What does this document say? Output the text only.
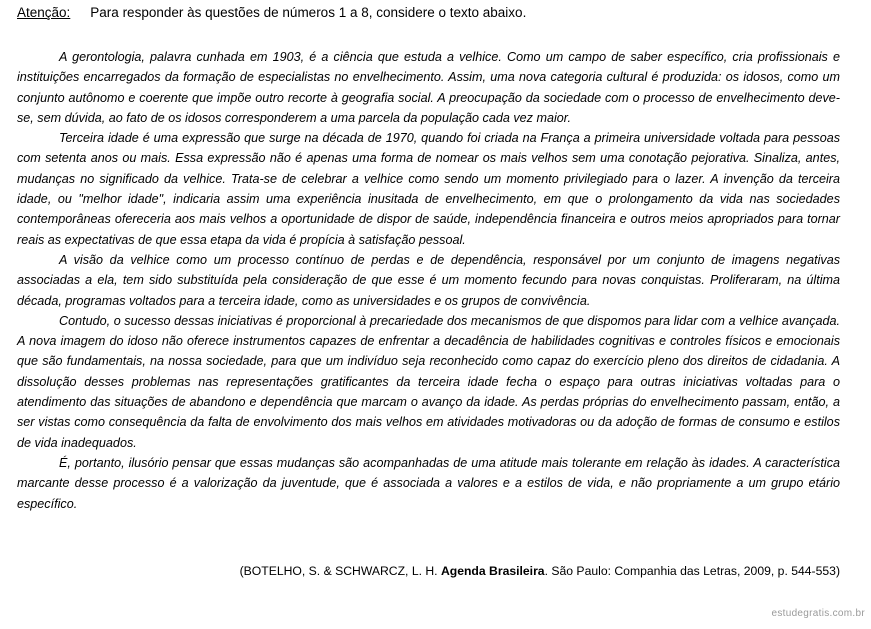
Atenção: Para responder às questões de números 1 a 8, considere o texto abaixo.

A gerontologia, palavra cunhada em 1903, é a ciência que estuda a velhice. Como um campo de saber específico, cria profissionais e instituições encarregados da formação de especialistas no envelhecimento. Assim, uma nova categoria cultural é produzida: os idosos, como um conjunto autônomo e coerente que impõe outro recorte à geografia social. A preocupação da sociedade com o processo de envelhecimento deve-se, sem dúvida, ao fato de os idosos corresponderem a uma parcela da população cada vez maior.

Terceira idade é uma expressão que surge na década de 1970, quando foi criada na França a primeira universidade voltada para pessoas com setenta anos ou mais. Essa expressão não é apenas uma forma de nomear os mais velhos sem uma conotação pejorativa. Sinaliza, antes, mudanças no significado da velhice. Trata-se de celebrar a velhice como sendo um momento privilegiado para o lazer. A invenção da terceira idade, ou "melhor idade", indicaria assim uma experiência inusitada de envelhecimento, em que o prolongamento da vida nas sociedades contemporâneas ofereceria aos mais velhos a oportunidade de dispor de saúde, independência financeira e outros meios apropriados para tornar reais as expectativas de que essa etapa da vida é propícia à satisfação pessoal.

A visão da velhice como um processo contínuo de perdas e de dependência, responsável por um conjunto de imagens negativas associadas a ela, tem sido substituída pela consideração de que esse é um momento fecundo para novas conquistas. Proliferaram, na última década, programas voltados para a terceira idade, como as universidades e os grupos de convivência.

Contudo, o sucesso dessas iniciativas é proporcional à precariedade dos mecanismos de que dispomos para lidar com a velhice avançada. A nova imagem do idoso não oferece instrumentos capazes de enfrentar a decadência de habilidades cognitivas e controles físicos e emocionais que são fundamentais, na nossa sociedade, para que um indivíduo seja reconhecido como capaz do exercício pleno dos direitos de cidadania. A dissolução desses problemas nas representações gratificantes da terceira idade fecha o espaço para outras iniciativas voltadas para o atendimento das situações de abandono e dependência que marcam o avanço da idade. As perdas próprias do envelhecimento passam, então, a ser vistas como consequência da falta de envolvimento dos mais velhos em atividades motivadoras ou da adoção de formas de consumo e estilos de vida inadequados.

É, portanto, ilusório pensar que essas mudanças são acompanhadas de uma atitude mais tolerante em relação às idades. A característica marcante desse processo é a valorização da juventude, que é associada a valores e a estilos de vida, e não propriamente a um grupo etário específico.

(BOTELHO, S. & SCHWARCZ, L. H. Agenda Brasileira. São Paulo: Companhia das Letras, 2009, p. 544-553)
estudegratis.com.br
